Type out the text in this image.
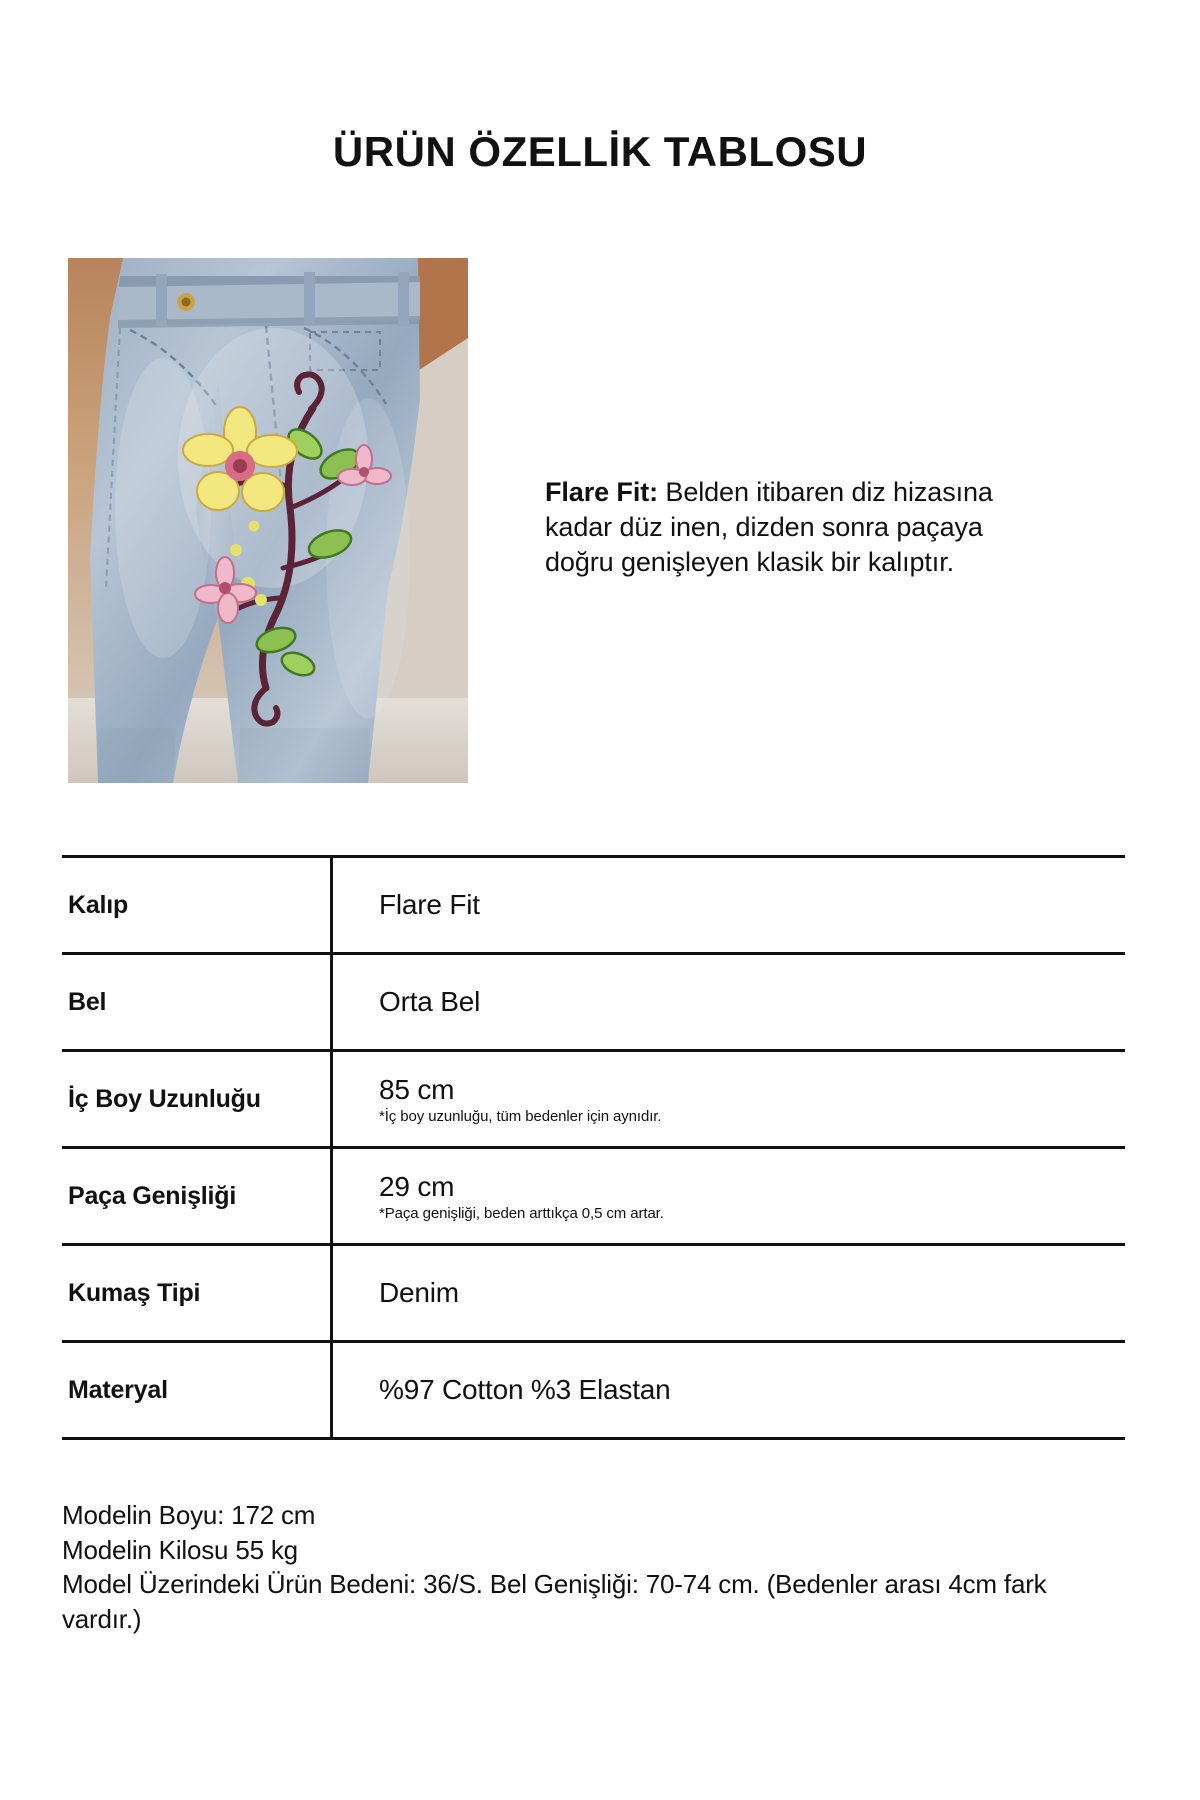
ÜRÜN ÖZELLİK TABLOSU

Flare Fit: Belden itibaren diz hizasına kadar düz inen, dizden sonra paçaya doğru genişleyen klasik bir kalıptır.

Kalıp	Flare Fit
Bel	Orta Bel
İç Boy Uzunluğu	85 cm
*İç boy uzunluğu, tüm bedenler için aynıdır.
Paça Genişliği	29 cm
*Paça genişliği, beden arttıkça 0,5 cm artar.
Kumaş Tipi	Denim
Materyal	%97 Cotton %3 Elastan
Modelin Boyu: 172 cm
Modelin Kilosu 55 kg
Model Üzerindeki Ürün Bedeni: 36/S. Bel Genişliği: 70-74 cm. (Bedenler arası 4cm fark vardır.)
